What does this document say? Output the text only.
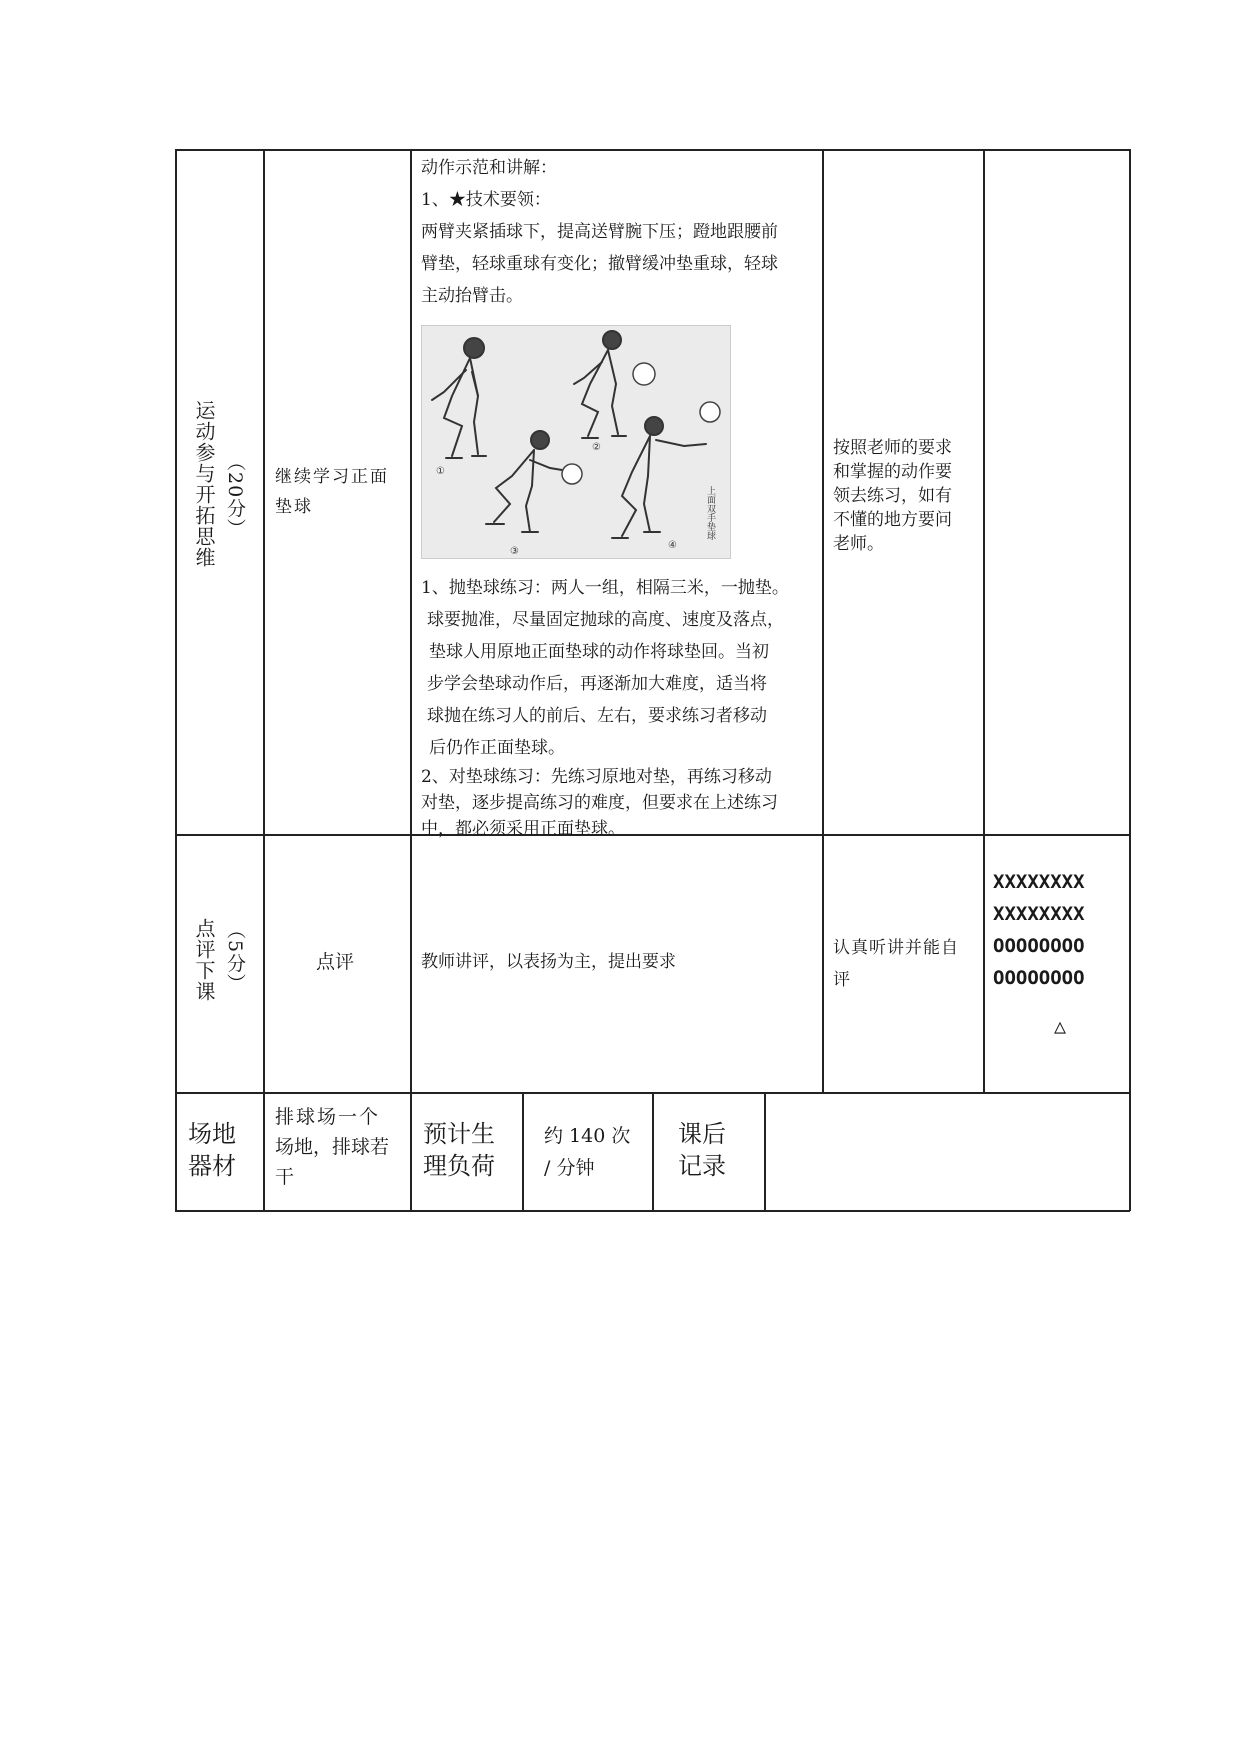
运动参与开拓思维 （20分） 继续学习正面垫球
动作示范和讲解：
1、★技术要领：
两臂夹紧插球下，提高送臂腕下压；蹬地跟腰前
臂垫，轻球重球有变化；撤臂缓冲垫重球，轻球
主动抬臂击。
①
②
③
④
上面双手垫球
1、抛垫球练习：两人一组，相隔三米，一抛垫。
球要抛准，尽量固定抛球的高度、速度及落点，
垫球人用原地正面垫球的动作将球垫回。当初
步学会垫球动作后，再逐渐加大难度，适当将
球抛在练习人的前后、左右，要求练习者移动
后仍作正面垫球。
2、对垫球练习：先练习原地对垫，再练习移动
对垫，逐步提高练习的难度，但要求在上述练习
中，都必须采用正面垫球。
按照老师的要求
和掌握的动作要
领去练习，如有
不懂的地方要问
老师。
点评下课 （5分）	点评	教师讲评，以表扬为主，提出要求
认真听讲并能自
评
XXXXXXXX
XXXXXXXX
OOOOOOOO
OOOOOOOO
△
场地
器材
排球场一个
场地，排球若
干
预计生
理负荷
约 140 次
/ 分钟
课后
记录
